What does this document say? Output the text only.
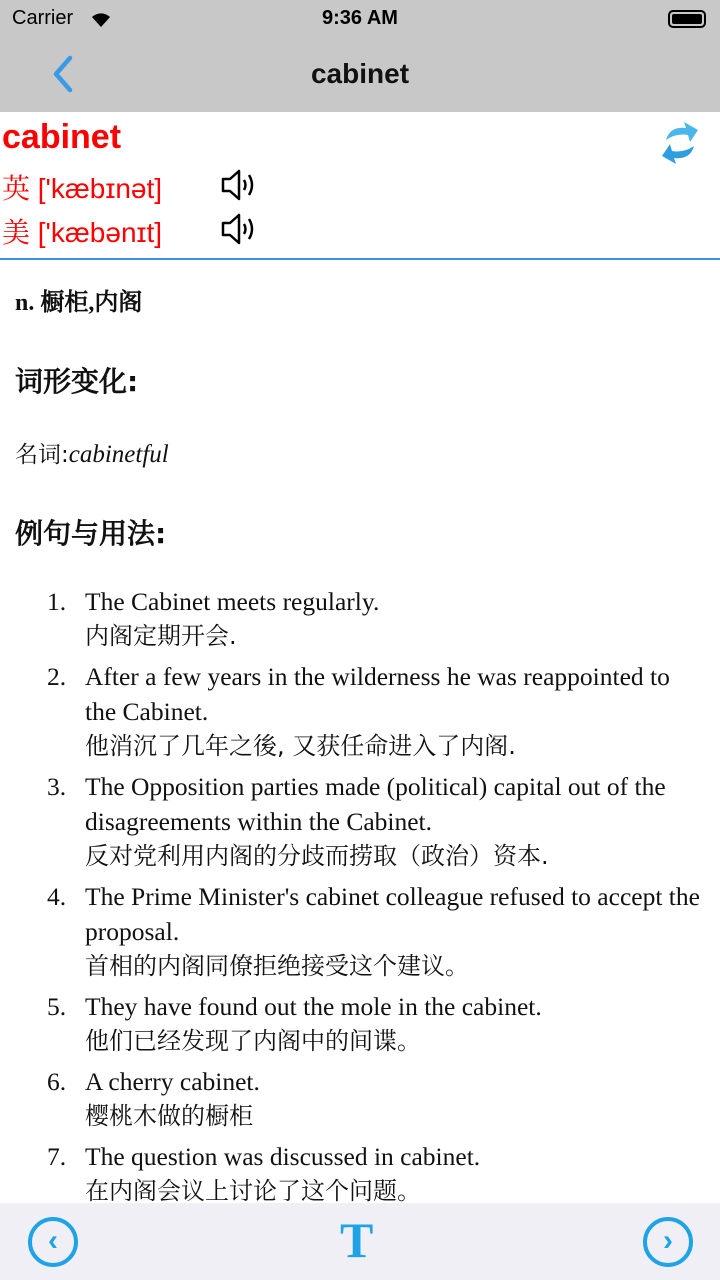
Carrier	9:36 AM
cabinet
cabinet
英 ['kæbɪnət]
美 ['kæbənɪt]
n. 橱柜,内阁
词形变化:
名词:cabinetful
例句与用法:
1. The Cabinet meets regularly.
内阁定期开会.
2. After a few years in the wilderness he was reappointed to the Cabinet.
他消沉了几年之後, 又获任命进入了内阁.
3. The Opposition parties made (political) capital out of the disagreements within the Cabinet.
反对党利用内阁的分歧而捞取（政治）资本.
4. The Prime Minister's cabinet colleague refused to accept the proposal.
首相的内阁同僚拒绝接受这个建议。
5. They have found out the mole in the cabinet.
他们已经发现了内阁中的间谍。
6. A cherry cabinet.
樱桃木做的橱柜
7. The question was discussed in cabinet.
在内阁会议上讨论了这个问题。
‹	T	›
